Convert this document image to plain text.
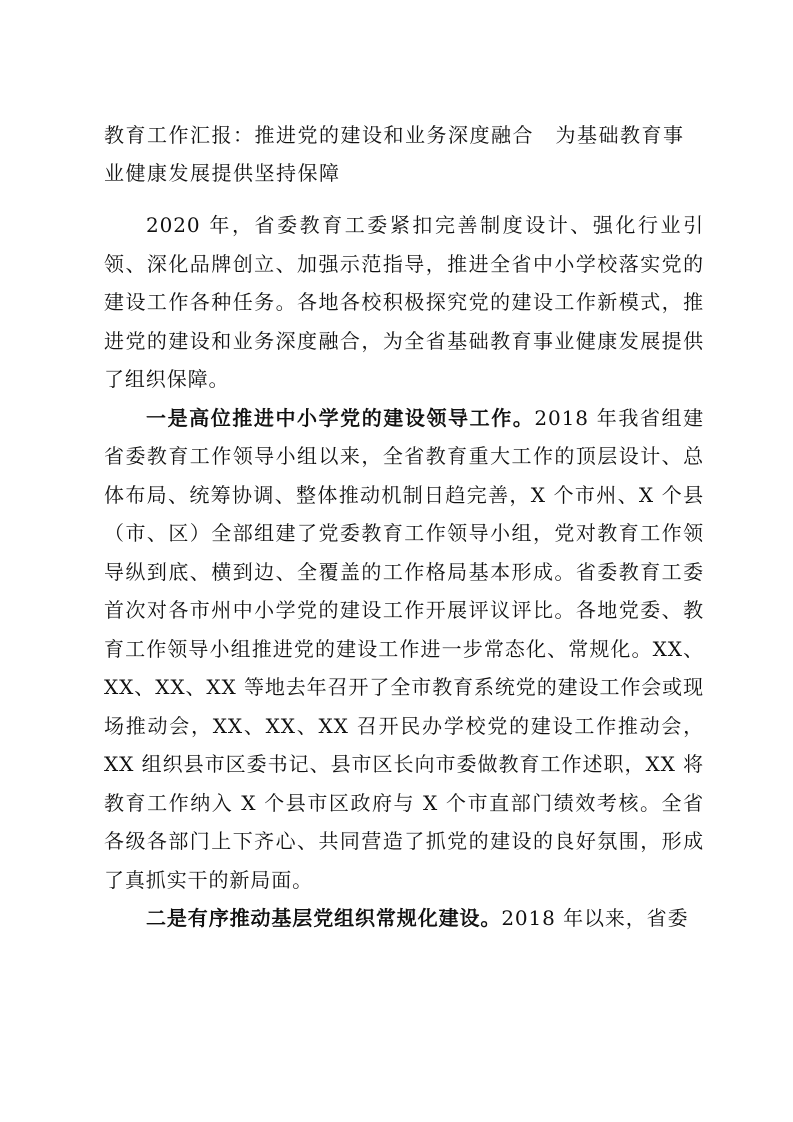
教育工作汇报：推进党的建设和业务深度融合　为基础教育事业健康发展提供坚持保障

2020 年，省委教育工委紧扣完善制度设计、强化行业引领、深化品牌创立、加强示范指导，推进全省中小学校落实党的建设工作各种任务。各地各校积极探究党的建设工作新模式，推进党的建设和业务深度融合，为全省基础教育事业健康发展提供了组织保障。

一是高位推进中小学党的建设领导工作。2018 年我省组建省委教育工作领导小组以来，全省教育重大工作的顶层设计、总体布局、统筹协调、整体推动机制日趋完善，X 个市州、X 个县（市、区）全部组建了党委教育工作领导小组，党对教育工作领导纵到底、横到边、全覆盖的工作格局基本形成。省委教育工委首次对各市州中小学党的建设工作开展评议评比。各地党委、教育工作领导小组推进党的建设工作进一步常态化、常规化。XX、XX、XX、XX 等地去年召开了全市教育系统党的建设工作会或现场推动会，XX、XX、XX 召开民办学校党的建设工作推动会，XX 组织县市区委书记、县市区长向市委做教育工作述职，XX 将教育工作纳入 X 个县市区政府与 X 个市直部门绩效考核。全省各级各部门上下齐心、共同营造了抓党的建设的良好氛围，形成了真抓实干的新局面。

二是有序推动基层党组织常规化建设。2018 年以来，省委
